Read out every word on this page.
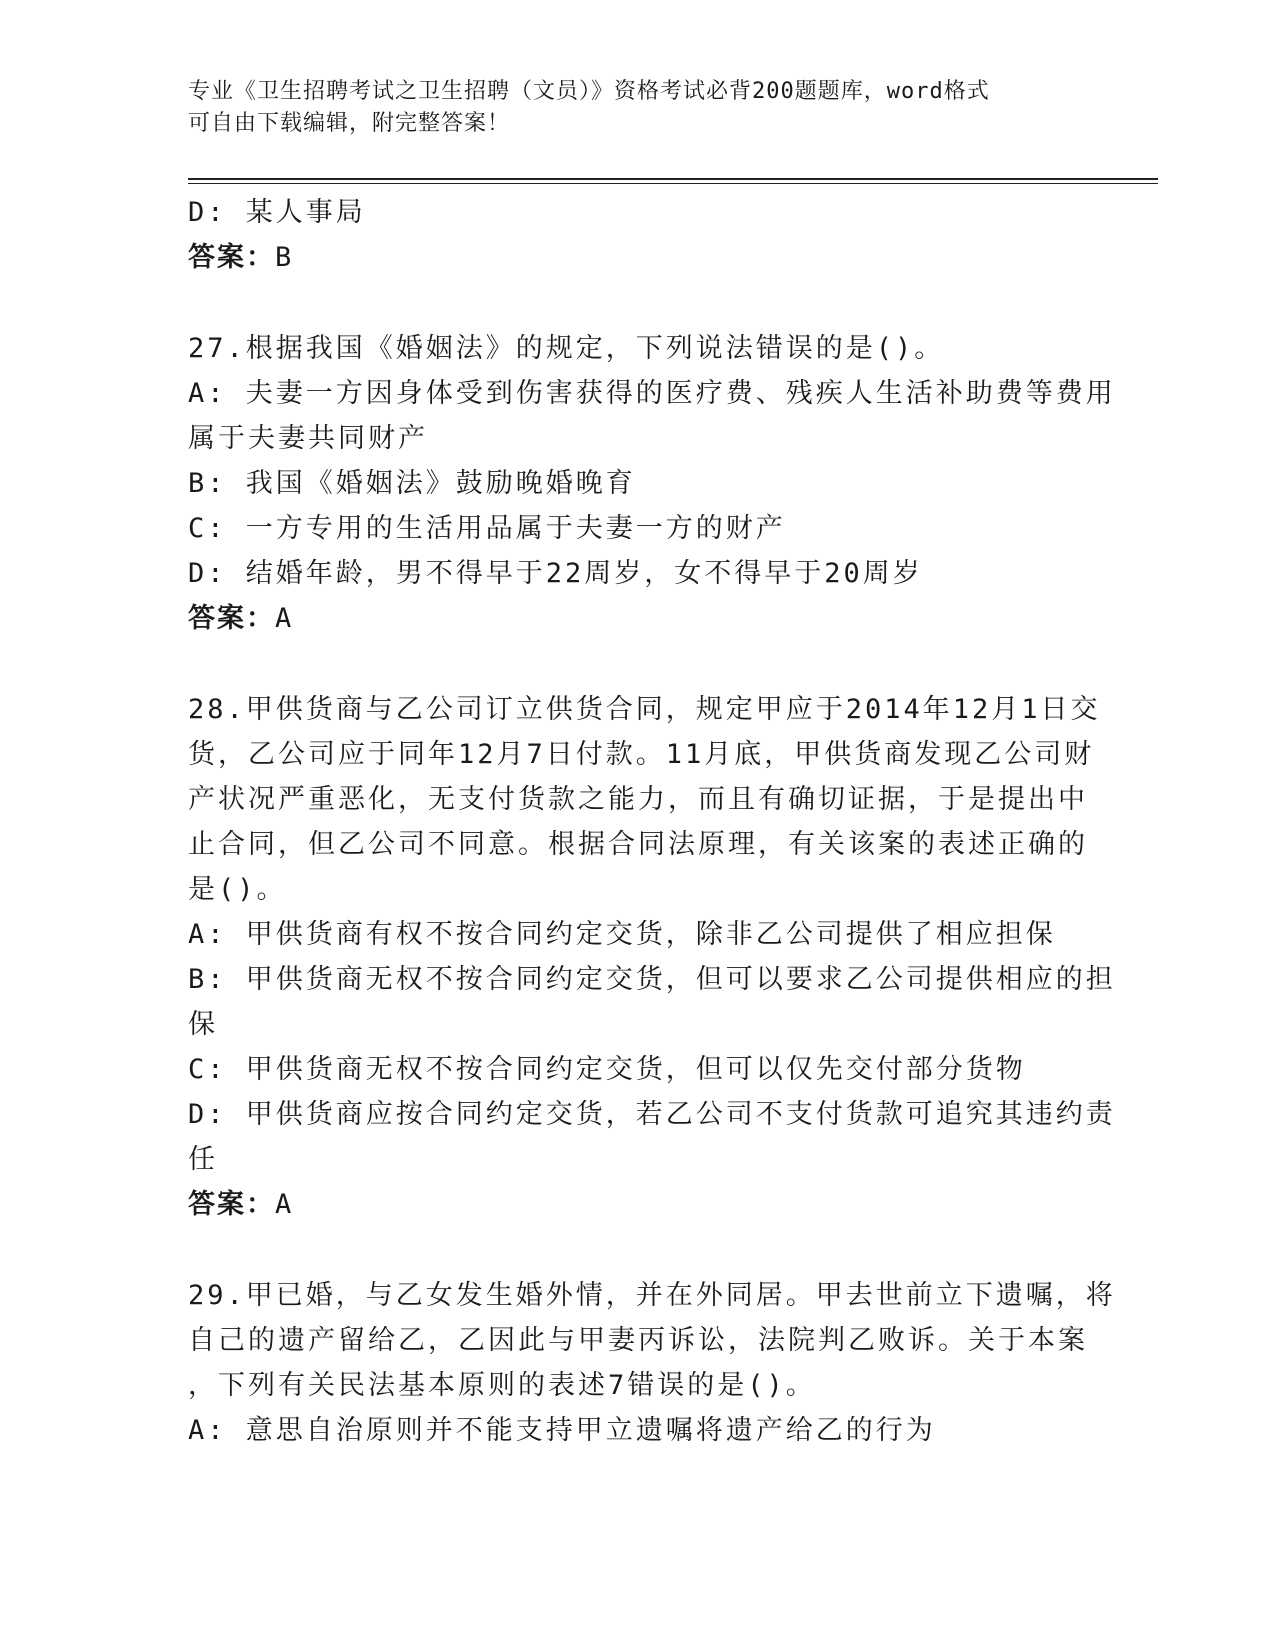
专业《卫生招聘考试之卫生招聘（文员）》资格考试必背200题题库，word格式
可自由下载编辑，附完整答案！
D: 某人事局
答案：B
27.根据我国《婚姻法》的规定，下列说法错误的是()。
A: 夫妻一方因身体受到伤害获得的医疗费、残疾人生活补助费等费用
属于夫妻共同财产
B: 我国《婚姻法》鼓励晚婚晚育
C: 一方专用的生活用品属于夫妻一方的财产
D: 结婚年龄，男不得早于22周岁，女不得早于20周岁
答案：A
28.甲供货商与乙公司订立供货合同，规定甲应于2014年12月1日交
货，乙公司应于同年12月7日付款。11月底，甲供货商发现乙公司财
产状况严重恶化，无支付货款之能力，而且有确切证据，于是提出中
止合同，但乙公司不同意。根据合同法原理，有关该案的表述正确的
是()。
A: 甲供货商有权不按合同约定交货，除非乙公司提供了相应担保
B: 甲供货商无权不按合同约定交货，但可以要求乙公司提供相应的担
保
C: 甲供货商无权不按合同约定交货，但可以仅先交付部分货物
D: 甲供货商应按合同约定交货，若乙公司不支付货款可追究其违约责
任
答案：A
29.甲已婚，与乙女发生婚外情，并在外同居。甲去世前立下遗嘱，将
自己的遗产留给乙，乙因此与甲妻丙诉讼，法院判乙败诉。关于本案
，下列有关民法基本原则的表述7错误的是()。
A: 意思自治原则并不能支持甲立遗嘱将遗产给乙的行为
